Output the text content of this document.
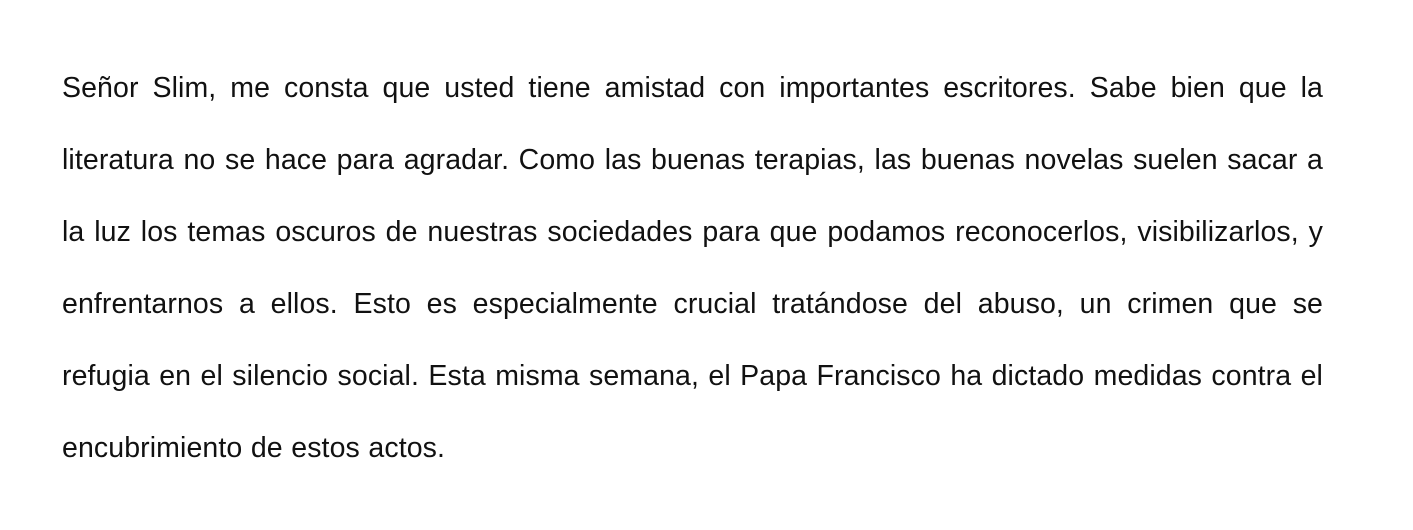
Señor Slim, me consta que usted tiene amistad con importantes escritores. Sabe bien que la literatura no se hace para agradar. Como las buenas terapias, las buenas novelas suelen sacar a la luz los temas oscuros de nuestras sociedades para que podamos reconocerlos, visibilizarlos, y enfrentarnos a ellos. Esto es especialmente crucial tratándose del abuso, un crimen que se refugia en el silencio social. Esta misma semana, el Papa Francisco ha dictado medidas contra el encubrimiento de estos actos.
